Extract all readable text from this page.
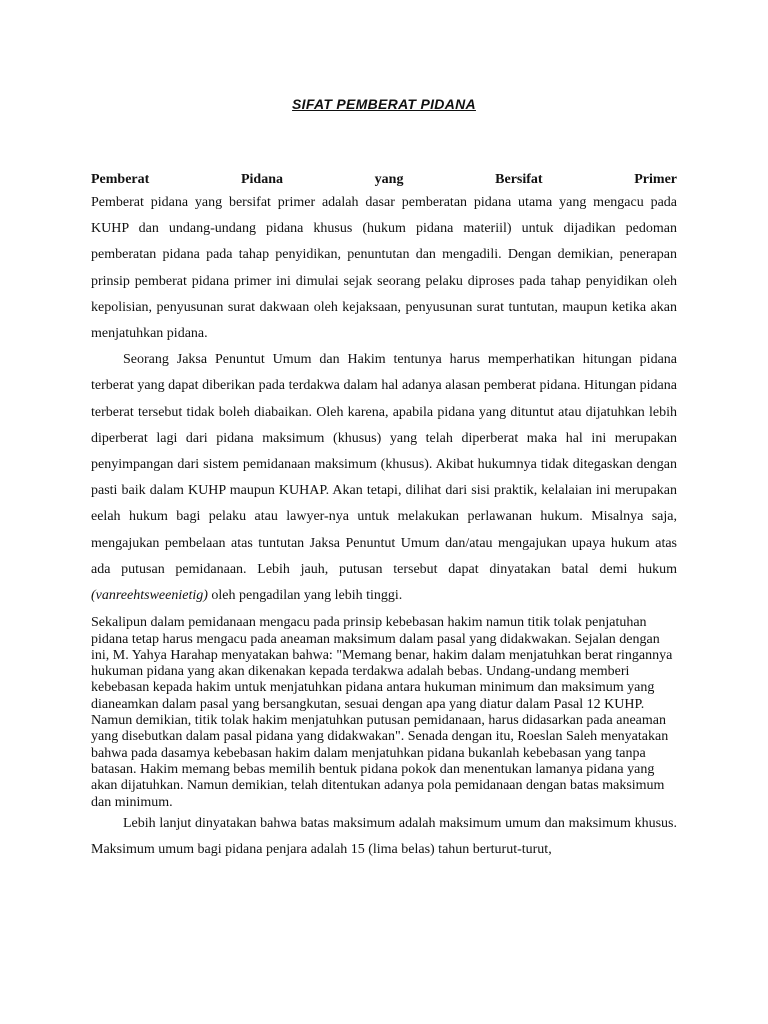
SIFAT PEMBERAT PIDANA

Pemberat	Pidana	yang	Bersifat	Primer

Pemberat pidana yang bersifat primer adalah dasar pemberatan pidana utama yang mengacu pada KUHP dan undang-undang pidana khusus (hukum pidana materiil) untuk dijadikan pedoman pemberatan pidana pada tahap penyidikan, penuntutan dan mengadili. Dengan demikian, penerapan prinsip pemberat pidana primer ini dimulai sejak seorang pelaku diproses pada tahap penyidikan oleh kepolisian, penyusunan surat dakwaan oleh kejaksaan, penyusunan surat tuntutan, maupun ketika akan menjatuhkan pidana.

Seorang Jaksa Penuntut Umum dan Hakim tentunya harus memperhatikan hitungan pidana terberat yang dapat diberikan pada terdakwa dalam hal adanya alasan pemberat pidana. Hitungan pidana terberat tersebut tidak boleh diabaikan. Oleh karena, apabila pidana yang dituntut atau dijatuhkan lebih diperberat lagi dari pidana maksimum (khusus) yang telah diperberat maka hal ini merupakan penyimpangan dari sistem pemidanaan maksimum (khusus). Akibat hukumnya tidak ditegaskan dengan pasti baik dalam KUHP maupun KUHAP. Akan tetapi, dilihat dari sisi praktik, kelalaian ini merupakan eelah hukum bagi pelaku atau lawyer-nya untuk melakukan perlawanan hukum. Misalnya saja, mengajukan pembelaan atas tuntutan Jaksa Penuntut Umum dan/atau mengajukan upaya hukum atas ada putusan pemidanaan. Lebih jauh, putusan tersebut dapat dinyatakan batal demi hukum (vanreehtsweenietig) oleh pengadilan yang lebih tinggi.

Sekalipun dalam pemidanaan mengacu pada prinsip kebebasan hakim namun titik tolak penjatuhan pidana tetap harus mengacu pada aneaman maksimum dalam pasal yang didakwakan. Sejalan dengan ini, M. Yahya Harahap menyatakan bahwa: "Memang benar, hakim dalam menjatuhkan berat ringannya hukuman pidana yang akan dikenakan kepada terdakwa adalah bebas. Undang-undang memberi kebebasan kepada hakim untuk menjatuhkan pidana antara hukuman minimum dan maksimum yang dianeamkan dalam pasal yang bersangkutan, sesuai dengan apa yang diatur dalam Pasal 12 KUHP. Namun demikian, titik tolak hakim menjatuhkan putusan pemidanaan, harus didasarkan pada aneaman yang disebutkan dalam pasal pidana yang didakwakan". Senada dengan itu, Roeslan Saleh menyatakan bahwa pada dasamya kebebasan hakim dalam menjatuhkan pidana bukanlah kebebasan yang tanpa batasan. Hakim memang bebas memilih bentuk pidana pokok dan menentukan lamanya pidana yang akan dijatuhkan. Namun demikian, telah ditentukan adanya pola pemidanaan dengan batas maksimum dan minimum.

Lebih lanjut dinyatakan bahwa batas maksimum adalah maksimum umum dan maksimum khusus. Maksimum umum bagi pidana penjara adalah 15 (lima belas) tahun berturut-turut,
